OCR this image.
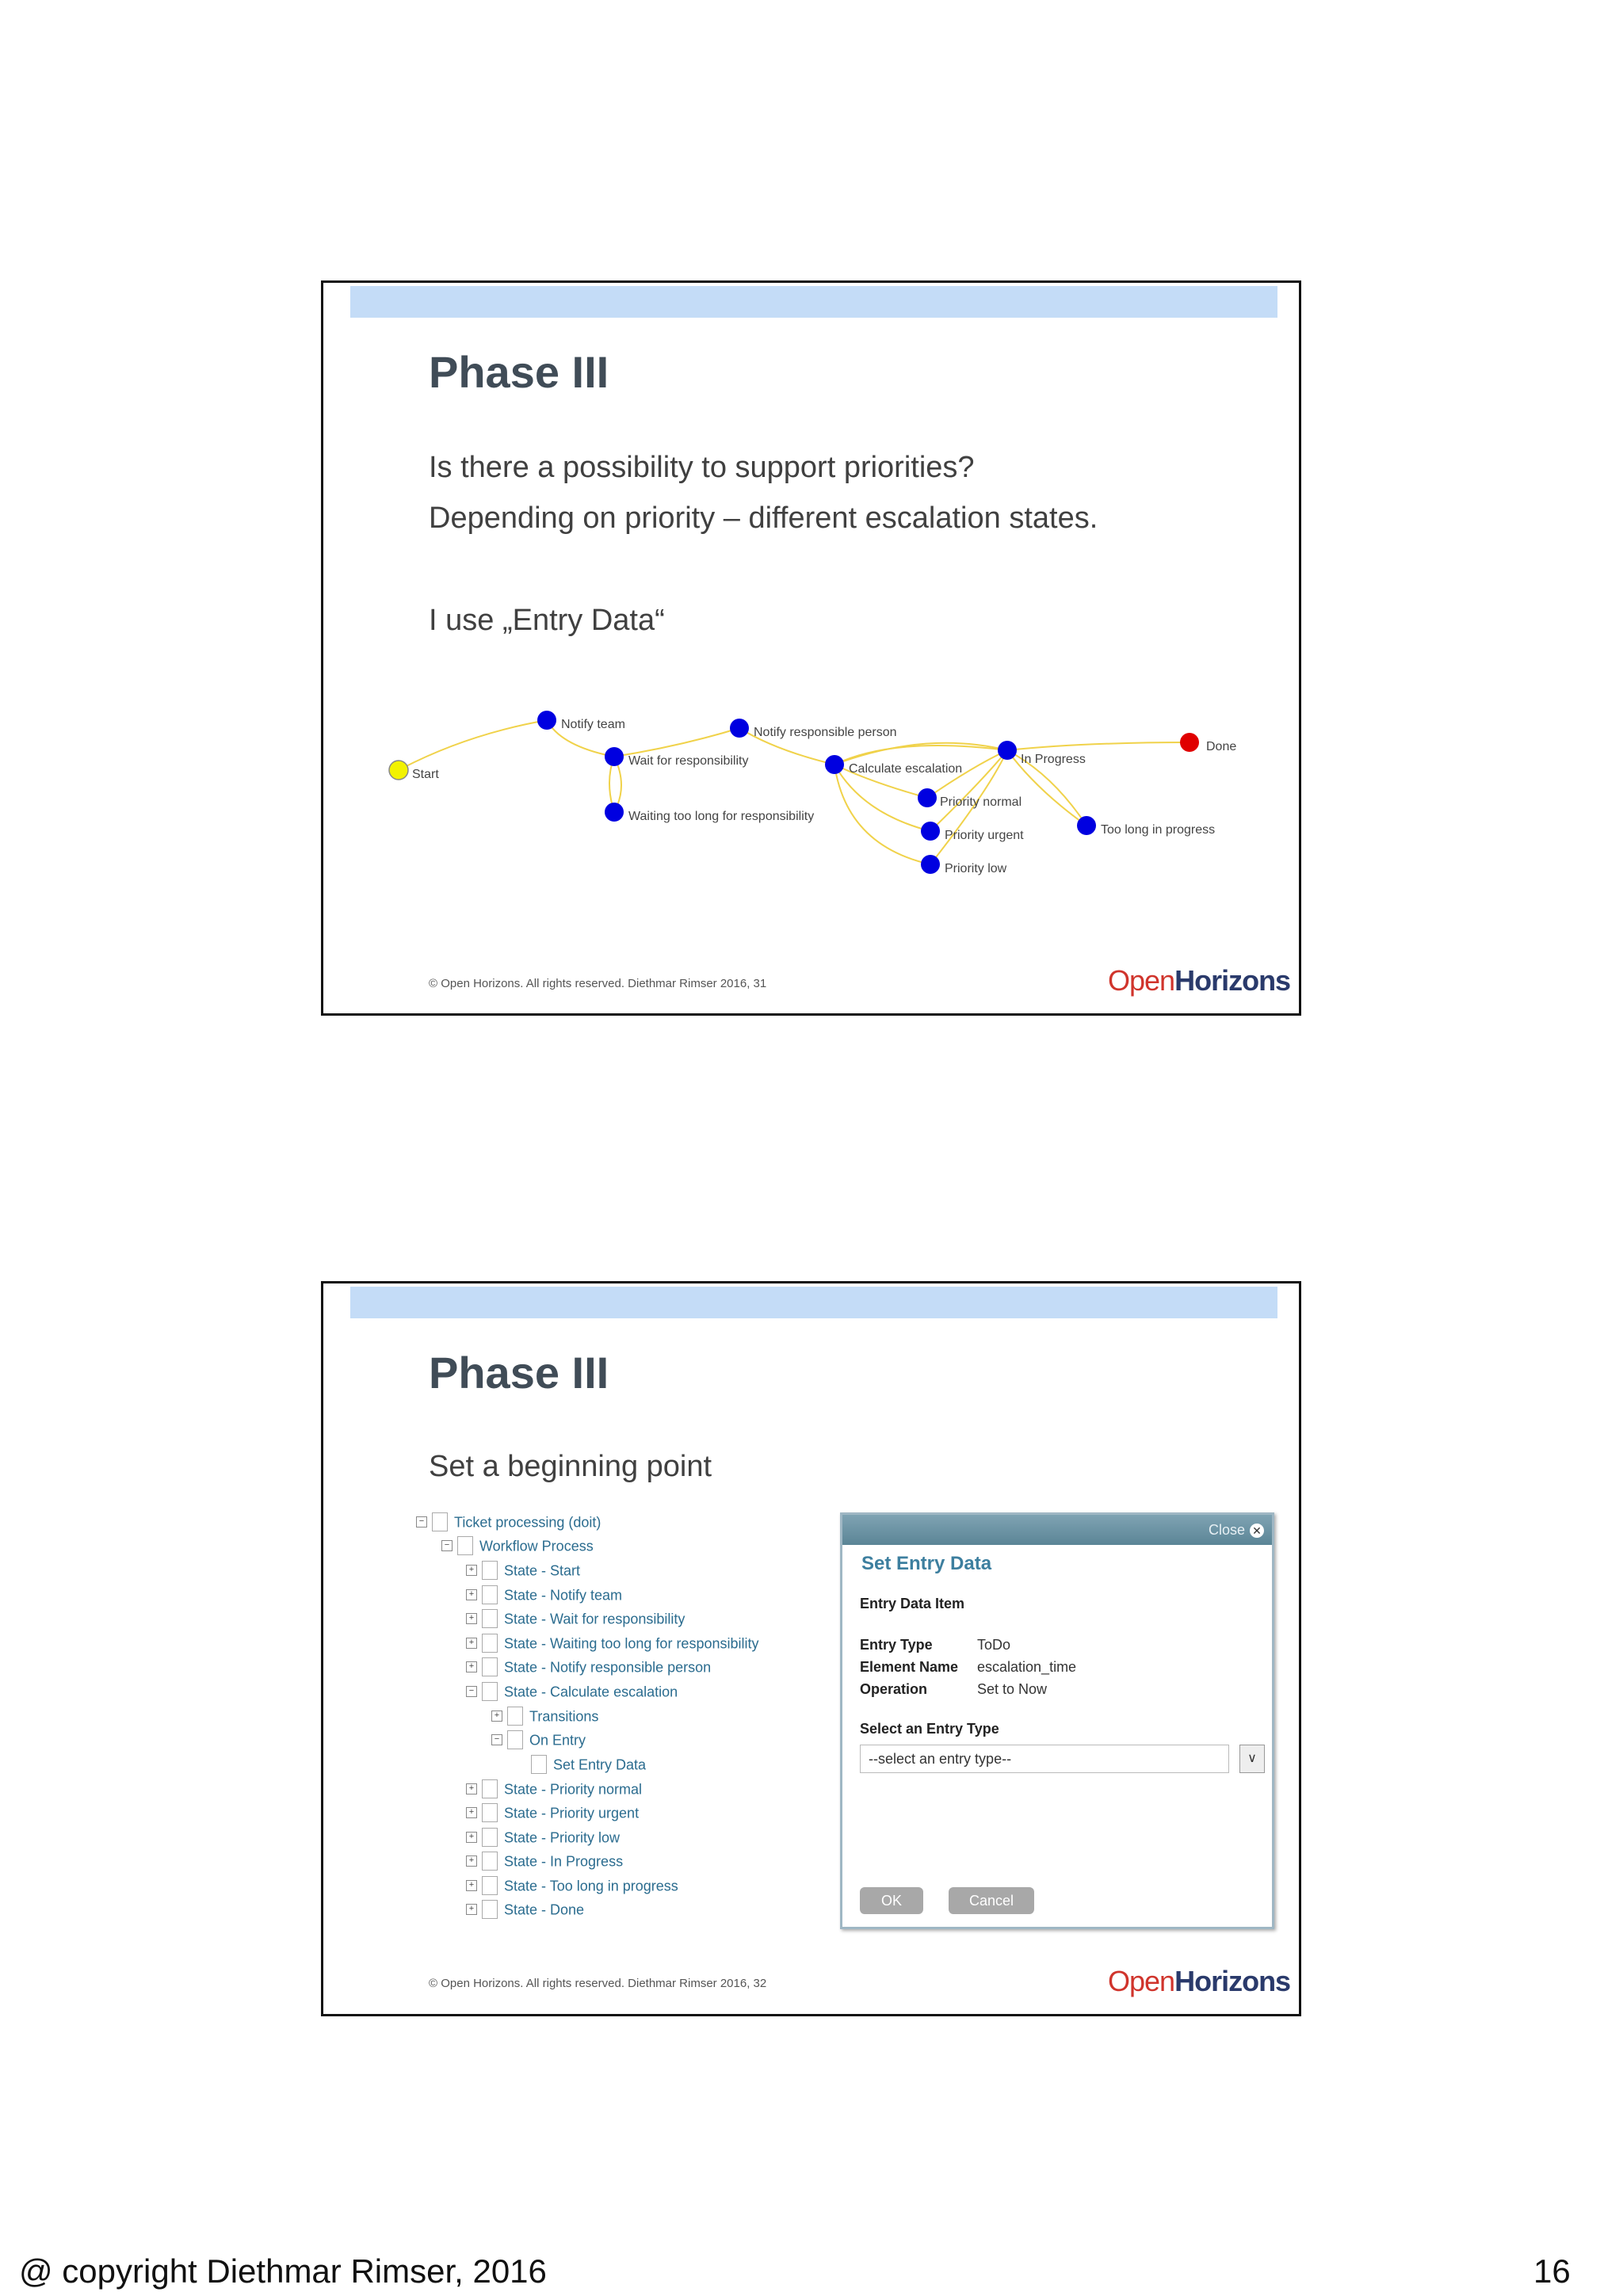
Phase III
Is there a possibility to support priorities?
Depending on priority – different escalation states.
I use „Entry Data“
Start
Notify team
Wait for responsibility
Waiting too long for responsibility
Notify responsible person
Calculate escalation
Priority normal
Priority urgent
Priority low
In Progress
Too long in progress
Done
© Open Horizons. All rights reserved. Diethmar Rimser 2016, 31	OpenHorizons
Phase III
Set a beginning point
− Ticket processing (doit)
− Workflow Process
+ State - Start
+ State - Notify team
+ State - Wait for responsibility
+ State - Waiting too long for responsibility
+ State - Notify responsible person
− State - Calculate escalation
+ Transitions
− On Entry
Set Entry Data
+ State - Priority normal
+ State - Priority urgent
+ State - Priority low
+ State - In Progress
+ State - Too long in progress
+ State - Done
Close ✕
Set Entry Data
Entry Data Item
Entry Type	ToDo
Element Name escalation_time
Operation	Set to Now
Select an Entry Type
--select an entry type--	∨
OK	Cancel
© Open Horizons. All rights reserved. Diethmar Rimser 2016, 32	OpenHorizons
@ copyright Diethmar Rimser, 2016	16
